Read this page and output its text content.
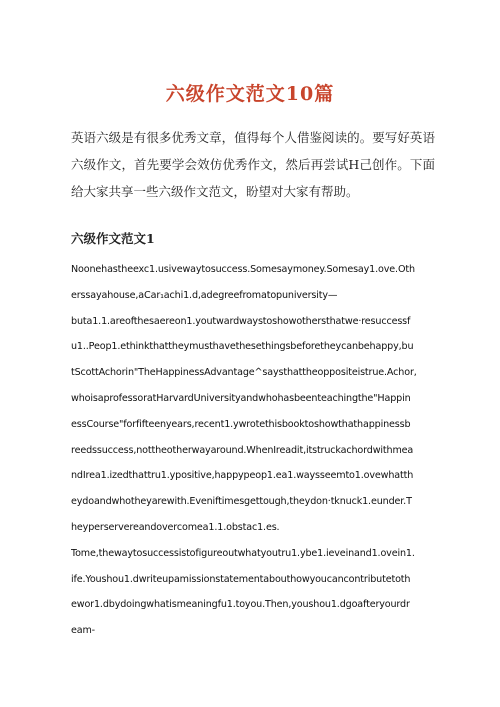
六级作文范文10篇

英语六级是有很多优秀文章，值得每个人借鉴阅读的。要写好英语六级作文，首先要学会效仿优秀作文，然后再尝试H己创作。下面给大家共享一些六级作文范文，盼望对大家有帮助。

六级作文范文1
Noonehastheexc1.usivewaytosuccess.Somesaymoney.Somesay1.ove.Oth
erssayahouse,aCar₁achi1.d,adegreefromatopuniversity—
buta1.1.areofthesaereon1.youtwardwaystoshowothersthatwe·resuccessf
u1..Peop1.ethinkthattheymusthavethesethingsbeforetheycanbehappy,bu
tScottAchorin"TheHappinessAdvantage^saysthattheoppositeistrue.Achor,
whoisaprofessoratHarvardUniversityandwhohasbeenteachingthe"Happin
essCourse"forfifteenyears,recent1.ywrotethisbooktoshowthathappinessb
reedssuccess,nottheotherwayaround.WhenIreadit,itstruckachordwithmea
ndIrea1.izedthattru1.ypositive,happypeop1.ea1.waysseemto1.ovewhatth
eydoandwhotheyarewith.Eveniftimesgettough,theydon·tknuck1.eunder.T
heyperservereandovercomea1.1.obstac1.es.
Tome,thewaytosuccessistofigureoutwhatyoutru1.ybe1.ieveinand1.ovein1.
ife.Youshou1.dwriteupamissionstatementabouthowyoucancontributetoth
ewor1.dbydoingwhatismeaningfu1.toyou.Then,youshou1.dgoafteryourdr
eam-
